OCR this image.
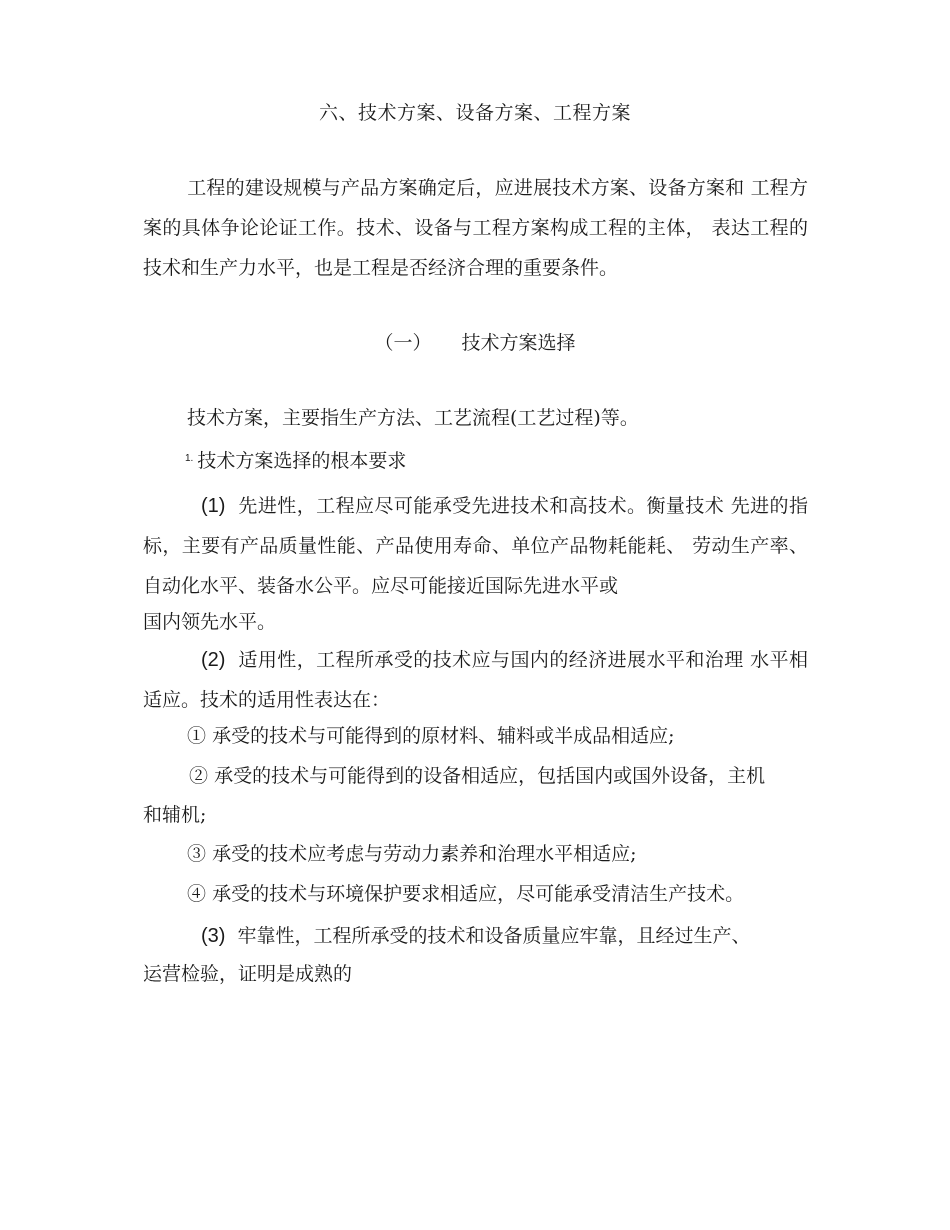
六、技术方案、设备方案、工程方案
工程的建设规模与产品方案确定后，应进展技术方案、设备方案和 工程方案的具体争论论证工作。技术、设备与工程方案构成工程的主体， 表达工程的技术和生产力水平，也是工程是否经济合理的重要条件。
（一） 技术方案选择
技术方案，主要指生产方法、工艺流程(工艺过程)等。
$^{1.}$ 技术方案选择的根本要求
(1) 先进性，工程应尽可能承受先进技术和高技术。衡量技术 先进的指标，主要有产品质量性能、产品使用寿命、单位产品物耗能耗、 劳动生产率、自动化水平、装备水公平。应尽可能接近国际先进水平或
国内领先水平。
(2) 适用性，工程所承受的技术应与国内的经济进展水平和治理 水平相适应。技术的适用性表达在：
① 承受的技术与可能得到的原材料、辅料或半成品相适应;
② 承受的技术与可能得到的设备相适应，包括国内或国外设备，主机
和辅机;
③ 承受的技术应考虑与劳动力素养和治理水平相适应;
④ 承受的技术与环境保护要求相适应，尽可能承受清洁生产技术。
(3) 牢靠性，工程所承受的技术和设备质量应牢靠，且经过生产、
运营检验，证明是成熟的
